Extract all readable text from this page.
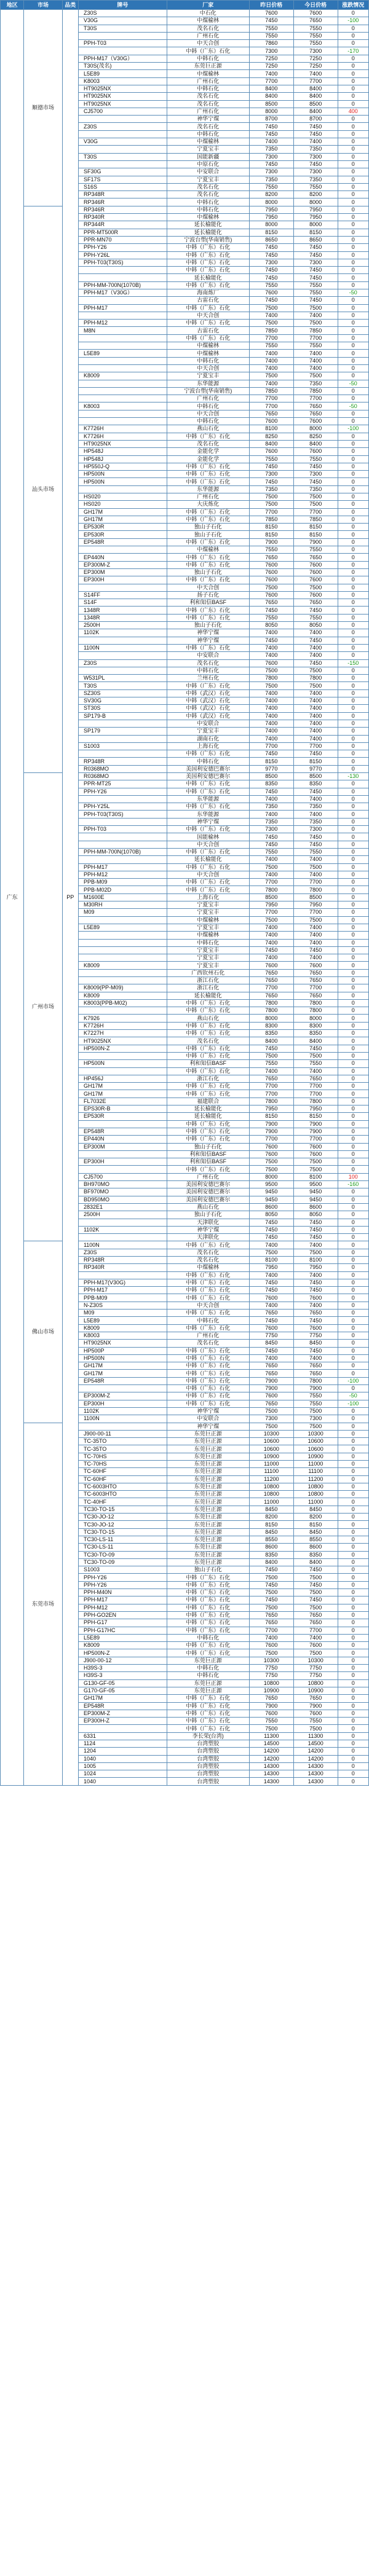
地区	市场	品类	牌号	厂家	昨日价格	今日价格	涨跌情况
广东	顺德市场	PP	Z30S	中石化	7600	7600	0
			V30G	中煤榆林	7450	7650	-100
			T30S	茂名石化	7550	7550	0
				广州石化	7550	7550	0
			PPH-T03	中天合创	7860	7550	0
				中韩（广东）石化	7300	7300	-170
			PPH-M17（V30G）	中韩石化	7250	7250	0
			T30S(茂名)	东莞巨正源	7250	7250	0
			L5E89	中煤榆林	7400	7400	0
			K8003	广州石化	7700	7700	0
			HT9025NX	中韩石化	8400	8400	0
			HT9025NX	茂名石化	8400	8400	0
			HT9025NX	茂名石化	8500	8500	0
			CJ5700	广州石化	8000	8400	400
				神华宁煤	8700	8700	0
			Z30S	茂名石化	7450	7450	0
				中韩石化	7450	7450	0
			V30G	中煤榆林	7400	7400	0
				宁夏宝丰	7350	7350	0
			T30S	国能新疆	7300	7300	0
				中原石化	7450	7450	0
			SF30G	中安联合	7300	7300	0
			SF17S	宁夏宝丰	7350	7350	0
			S16S	茂名石化	7550	7550	0
			RP348R	茂名石化	8200	8200	0
			RP346R	中韩石化	8000	8000	0
	汕头市场		RP346R	中韩石化	7950	7950	0
			RP340R	中煤榆林	7950	7950	0
			RP344R	延长榆能化	8000	8000	0
			PPR-MT500R	延长榆能化	8150	8150	0
			PPR-MN70	宁波台塑(华南销售)	8650	8650	0
			PPH-Y26	中韩（广东）石化	7450	7450	0
			PPH-Y26L	中韩（广东）石化	7450	7450	0
			PPH-T03(T30S)	中韩（广东）石化	7300	7300	0
				中韩（广东）石化	7450	7450	0
				延长榆能化	7450	7450	0
			PPH-MM-700N(1070B)	中韩（广东）石化	7550	7550	0
			PPH-M17（V30G）	海南炼厂	7600	7550	-50
				古雷石化	7450	7450	0
			PPH-M17	中韩（广东）石化	7500	7500	0
				中天合创	7400	7400	0
			PPH-M12	中韩（广东）石化	7500	7500	0
			M8N	古雷石化	7850	7850	0
				中韩（广东）石化	7700	7700	0
				中煤榆林	7550	7550	0
			L5E89	中煤榆林	7400	7400	0
				中韩石化	7400	7400	0
				中天合创	7400	7400	0
			K8009	宁夏宝丰	7500	7500	0
				东华能源	7400	7350	-50
				宁波台塑(华南销售)	7850	7850	0
				广州石化	7700	7700	0
			K8003	中韩石化	7700	7650	-50
				中天合创	7650	7650	0
				中韩石化	7600	7600	0
			K7726H	燕山石化	8100	8000	-100
			K7726H	中韩（广东）石化	8250	8250	0
			HT9025NX	茂名石化	8400	8400	0
			HP548J	金能化学	7600	7600	0
			HP548J	金能化学	7550	7550	0
			HP550J-Q	中韩（广东）石化	7450	7450	0
			HP500N	中韩（广东）石化	7300	7300	0
			HP500N	中韩（广东）石化	7450	7450	0
				东华能源	7350	7350	0
			HS020	广州石化	7500	7500	0
			HS020	大庆炼化	7500	7500	0
			GH17M	中韩（广东）石化	7700	7700	0
			GH17M	中韩（广东）石化	7850	7850	0
			EP530R	独山子石化	8150	8150	0
			EP530R	独山子石化	8150	8150	0
			EP548R	中韩（广东）石化	7900	7900	0
				中煤榆林	7550	7550	0
			EP440N	中韩（广东）石化	7650	7650	0
			EP300M-Z	中韩（广东）石化	7600	7600	0
			EP300M	独山子石化	7600	7600	0
			EP300H	中韩（广东）石化	7600	7600	0
				中天合创	7500	7500	0
			S14FF	扬子石化	7600	7600	0
			S14F	利和知信BASF	7650	7650	0
			1348R	中韩（广东）石化	7450	7450	0
			1348R	中韩（广东）石化	7550	7550	0
			2500H	独山子石化	8050	8050	0
			1102K	神华宁煤	7400	7400	0
				神华宁煤	7450	7450	0
			1100N	中韩（广东）石化	7400	7400	0
				中安联合	7400	7400	0
			Z30S	茂名石化	7600	7450	-150
				中韩石化	7500	7500	0
			W531PL	兰州石化	7800	7800	0
			T30S	中韩（广东）石化	7500	7500	0
			SZ30S	中韩（武汉）石化	7400	7400	0
			SV30G	中韩（武汉）石化	7400	7400	0
			ST30S	中韩（武汉）石化	7400	7400	0
			SP179-B	中韩（武汉）石化	7400	7400	0
				中安联合	7400	7400	0
			SP179	宁夏宝丰	7400	7400	0
				湖南石化	7400	7400	0
			S1003	上海石化	7700	7700	0
				中韩（广东）石化	7450	7450	0
			RP348R	中韩石化	8150	8150	0
			R0368MO	美国利安德巴赛尔	9770	9770	0
	广州市场		R0368MO	美国利安德巴赛尔	8500	8500	-130
			PPR-MT25	中韩（广东）石化	8350	8350	0
			PPH-Y26	中韩（广东）石化	7450	7450	0
				东华能源	7400	7400	0
			PPH-Y25L	中韩（广东）石化	7350	7350	0
			PPH-T03(T30S)	东华能源	7400	7400	0
				神华宁煤	7350	7350	0
			PPH-T03	中韩（广东）石化	7300	7300	0
				国能榆林	7450	7450	0
				中天合创	7450	7450	0
			PPH-MM-700N(1070B)	中韩（广东）石化	7550	7550	0
				延长榆能化	7400	7400	0
			PPH-M17	中韩（广东）石化	7500	7500	0
			PPH-M12	中天合创	7400	7400	0
			PPB-M09	中韩（广东）石化	7700	7700	0
			PPB-M02D	中韩（广东）石化	7800	7800	0
			M1600E	上海石化	8500	8500	0
			M30RH	宁夏宝丰	7950	7950	0
			M09	宁夏宝丰	7700	7700	0
				中煤榆林	7500	7500	0
			L5E89	宁夏宝丰	7400	7400	0
				中煤榆林	7400	7400	0
				中韩石化	7400	7400	0
				宁夏宝丰	7450	7450	0
				宁夏宝丰	7400	7400	0
			K8009	宁夏宝丰	7600	7600	0
				广西钦州石化	7650	7650	0
				浙江石化	7650	7650	0
			K8009(PP-M09)	浙江石化	7700	7700	0
			K8009	延长榆能化	7650	7650	0
			K8003(PPB-M02)	中韩（广东）石化	7800	7800	0
				中韩（广东）石化	7800	7800	0
			K7926	燕山石化	8000	8000	0
			K7726H	中韩（广东）石化	8300	8300	0
			K7227H	中韩（广东）石化	8350	8350	0
			HT9025NX	茂名石化	8400	8400	0
			HP500N-Z	中韩（广东）石化	7450	7450	0
				中韩（广东）石化	7500	7500	0
			HP500N	利和知信BASF	7550	7550	0
				中韩（广东）石化	7400	7400	0
			HP456J	浙江石化	7650	7650	0
			GH17M	中韩（广东）石化	7700	7700	0
			GH17M	中韩（广东）石化	7700	7700	0
			FL7032E	福建联合	7800	7800	0
			EPS30R-B	延长榆能化	7950	7950	0
			EP530R	延长榆能化	8150	8150	0
				中韩（广东）石化	7900	7900	0
			EP548R	中韩（广东）石化	7900	7900	0
			EP440N	中韩（广东）石化	7700	7700	0
			EP300M	独山子石化	7600	7600	0
				利和知信BASF	7600	7600	0
			EP300H	利和知信BASF	7500	7500	0
				中韩（广东）石化	7500	7500	0
			CJ5700	广州石化	8000	8100	100
			BH970MO	美国利安德巴赛尔	9500	9500	-160
			BF970MO	美国利安德巴赛尔	9450	9450	0
			BD950MO	美国利安德巴赛尔	9450	9450	0
			2832E1	燕山石化	8600	8600	0
			2500H	独山子石化	8050	8050	0
				天津联化	7450	7450	0
			1102K	神华宁煤	7450	7450	0
				天津联化	7450	7450	0
	佛山市场		1100N	中韩（广东）石化	7400	7400	0
			Z30S	茂名石化	7500	7500	0
			RP348R	茂名石化	8100	8100	0
			RP340R	中煤榆林	7950	7950	0
				中韩（广东）石化	7400	7400	0
			PPH-M17(V30G)	中韩（广东）石化	7450	7450	0
			PPH-M17	中韩（广东）石化	7450	7450	0
			PPB-M09	中韩（广东）石化	7600	7600	0
			N-Z30S	中天合创	7400	7400	0
			M09	中韩（广东）石化	7650	7650	0
			L5E89	中韩石化	7450	7450	0
			K8009	中韩（广东）石化	7600	7600	0
			K8003	广州石化	7750	7750	0
			HT9025NX	茂名石化	8450	8450	0
			HP500P	中韩（广东）石化	7450	7450	0
			HP500N	中韩（广东）石化	7400	7400	0
			GH17M	中韩（广东）石化	7650	7650	0
			GH17M	中韩（广东）石化	7650	7650	0
			EP548R	中韩（广东）石化	7900	7800	-100
				中韩（广东）石化	7900	7900	0
			EP300M-Z	中韩（广东）石化	7600	7550	-50
			EP300H	中韩（广东）石化	7650	7550	-100
			1102K	神华宁煤	7500	7500	0
			1100N	中安联合	7300	7300	0
	东莞市场			神华宁煤	7500	7500	0
			J900-00-11	东莞巨正源	10300	10300	0
			TC-35TO	东莞巨正源	10600	10600	0
			TC-35TO	东莞巨正源	10600	10600	0
			TC-70HS	东莞巨正源	10900	10900	0
			TC-70HS	东莞巨正源	11000	11000	0
			TC-60HF	东莞巨正源	11100	11100	0
			TC-60HF	东莞巨正源	11200	11200	0
			TC-6003HTO	东莞巨正源	10800	10800	0
			TC-6003HTO	东莞巨正源	10800	10800	0
			TC-40HF	东莞巨正源	11000	11000	0
			TC30-TO-15	东莞巨正源	8450	8450	0
			TC30-JO-12	东莞巨正源	8200	8200	0
			TC30-JO-12	东莞巨正源	8150	8150	0
			TC30-TO-15	东莞巨正源	8450	8450	0
			TC30-LS-11	东莞巨正源	8550	8550	0
			TC30-LS-11	东莞巨正源	8600	8600	0
			TC30-TO-09	东莞巨正源	8350	8350	0
			TC30-TO-09	东莞巨正源	8400	8400	0
			S1003	独山子石化	7450	7450	0
			PPH-Y26	中韩（广东）石化	7500	7500	0
			PPH-Y26	中韩（广东）石化	7450	7450	0
			PPH-M40N	中韩（广东）石化	7500	7500	0
			PPH-M17	中韩（广东）石化	7450	7450	0
			PPH-M12	中韩（广东）石化	7500	7500	0
			PPH-GO2EN	中韩（广东）石化	7650	7650	0
			PPH-G17	中韩（广东）石化	7650	7650	0
			PPH-G17HC	中韩（广东）石化	7700	7700	0
			L5E89	中韩石化	7400	7400	0
			K8009	中韩（广东）石化	7600	7600	0
			HP500N-Z	中韩（广东）石化	7500	7500	0
			J900-00-12	东莞巨正源	10300	10300	0
			H39S-3	中韩石化	7750	7750	0
			H39S-3	中韩石化	7750	7750	0
			G130-GF-05	东莞巨正源	10800	10800	0
			G170-GF-05	东莞巨正源	10900	10900	0
			GH17M	中韩（广东）石化	7650	7650	0
			EP548R	中韩（广东）石化	7900	7900	0
			EP300M-Z	中韩（广东）石化	7600	7600	0
			EP300H-Z	中韩（广东）石化	7550	7550	0
				中韩（广东）石化	7500	7500	0
			6331	李长荣(台湾)	11300	11300	0
			1124	台湾塑胶	14500	14500	0
			1204	台湾塑胶	14200	14200	0
			1040	台湾塑胶	14200	14200	0
			1005	台湾塑胶	14300	14300	0
			1024	台湾塑胶	14300	14300	0
			1040	台湾塑胶	14300	14300	0
